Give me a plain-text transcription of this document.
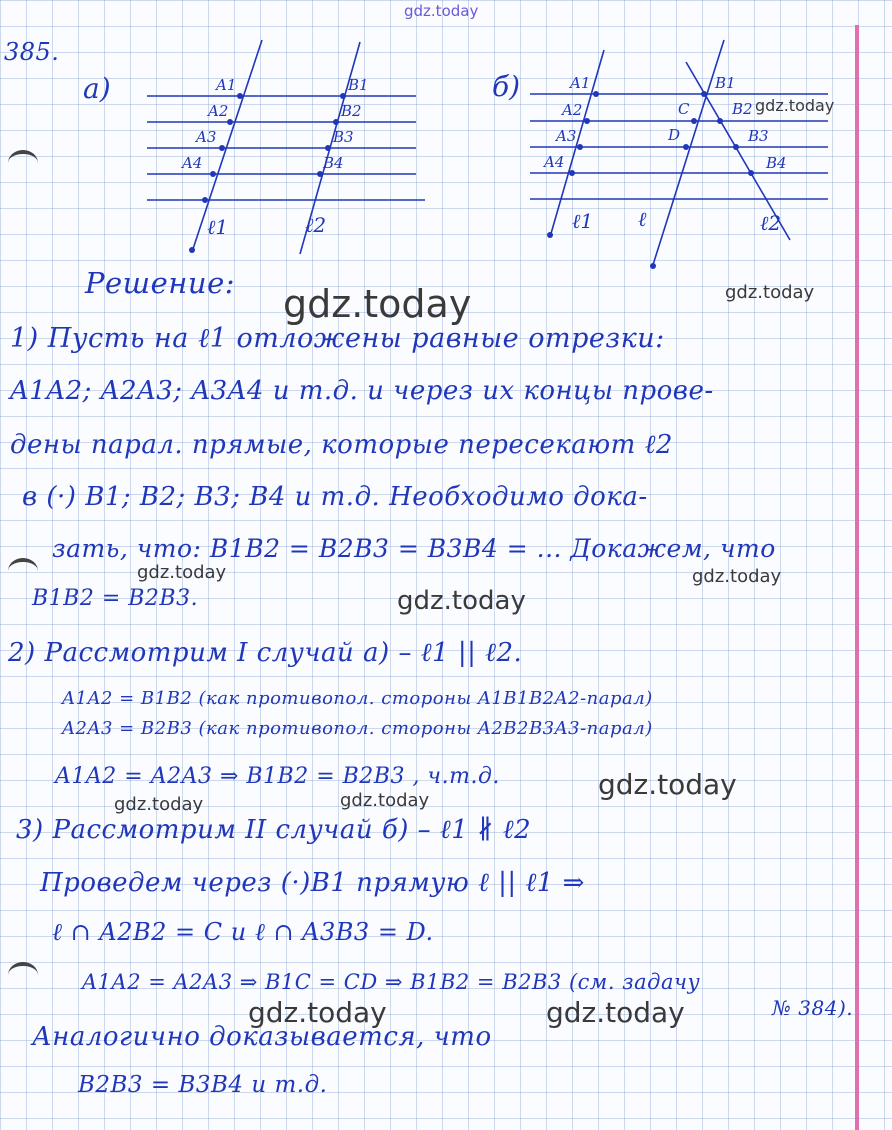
gdz.today
385.
а)	A1
A2
A3
A4
B1
B2
B3
B4
ℓ1	ℓ2
б)	A1
A2
A3
A4
B1
B2
B3
B4
C
D
ℓ1 ℓ	ℓ2
Решение:
1) Пусть на ℓ1 отложены равные отрезки:
A1A2; A2A3; A3A4 и т.д. и через их концы прове-
дены парал. прямые, которые пересекают ℓ2
в (·) B1; B2; B3; B4 и т.д. Необходимо дока-
зать, что: B1B2 = B2B3 = B3B4 = ... Докажем, что
B1B2 = B2B3.
2) Рассмотрим I случай а) – ℓ1 || ℓ2.
A1A2 = B1B2 (как противопол. стороны A1B1B2A2-парал)
A2A3 = B2B3 (как противопол. стороны A2B2B3A3-парал)
A1A2 = A2A3 ⇒ B1B2 = B2B3 , ч.т.д.
3) Рассмотрим II случай б) – ℓ1 ∦ ℓ2
Проведем через (·)B1 прямую ℓ || ℓ1 ⇒
ℓ ∩ A2B2 = C и ℓ ∩ A3B3 = D.
A1A2 = A2A3 ⇒ B1C = CD ⇒ B1B2 = B2B3 (см. задачу
№ 384).
Аналогично доказывается, что
B2B3 = B3B4 и т.д.
gdz.today
gdz.today	gdz.today
gdz.today	gdz.today
gdz.today
gdz.today
gdz.today
gdz.today
gdz.today	gdz.today
